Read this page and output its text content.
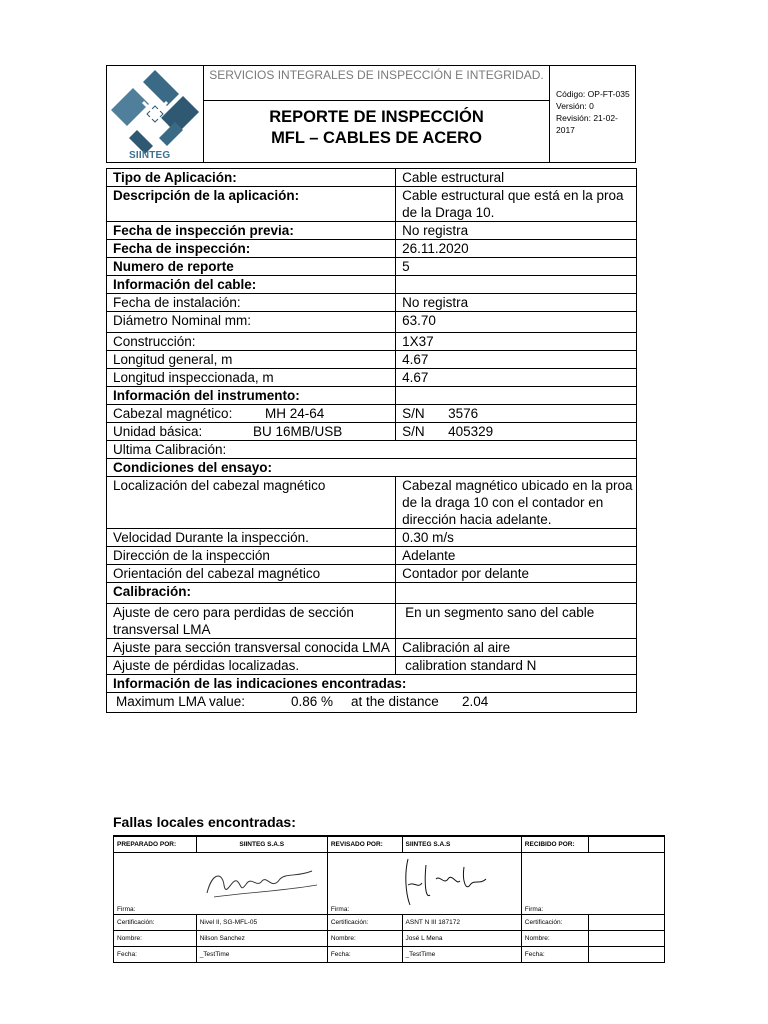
SIINTEG
SERVICIOS INTEGRALES DE INSPECCIÓN E INTEGRIDAD.
REPORTE DE INSPECCIÓN
MFL – CABLES DE ACERO
Código: OP-FT-035
Versión: 0
Revisión: 21-02-2017
Tipo de Aplicación:	Cable estructural
Descripción de la aplicación:	Cable estructural que está en la proa de la Draga 10.
Fecha de inspección previa:	No registra
Fecha de inspección:	26.11.2020
Numero de reporte	5
Información del cable:	
Fecha de instalación:	No registra
Diámetro Nominal mm:	63.70
Construcción:	1X37
Longitud general, m	4.67
Longitud inspeccionada, m	4.67
Información del instrumento:	
Cabezal magnético: MH 24-64	S/N 3576
Unidad básica: BU 16MB/USB	S/N 405329
Ultima Calibración:	
Condiciones del ensayo:	
Localización del cabezal magnético	Cabezal magnético ubicado en la proa de la draga 10 con el contador en dirección hacia adelante.
Velocidad Durante la inspección.	0.30 m/s
Dirección de la inspección	Adelante
Orientación del cabezal magnético	Contador por delante
Calibración:	
Ajuste de cero para perdidas de sección transversal LMA	En un segmento sano del cable
Ajuste para sección transversal conocida LMA	Calibración al aire
Ajuste de pérdidas localizadas.	calibration standard N
Información de las indicaciones encontradas:	
Maximum LMA value: 0.86 % at the distance 2.04	
Fallas locales encontradas:
PREPARADO POR:	SIINTEG S.A.S	REVISADO POR:	SIINTEG S.A.S	RECIBIDO POR:	

Firma:		Firma:		Firma:	
Certificación:	Nivel II, SG-MFL-05	Certificación:	ASNT N III 187172	Certificación:	
Nombre:	Nilson Sanchez	Nombre:	José L Mena	Nombre:	
Fecha:	_TestTime	Fecha:	_TestTime	Fecha:	
